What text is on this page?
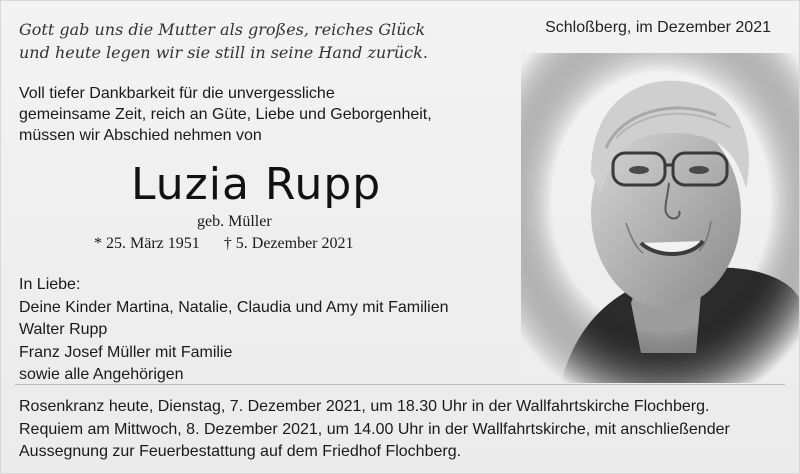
Gott gab uns die Mutter als großes, reiches Glück
und heute legen wir sie still in seine Hand zurück.
Schloßberg, im Dezember 2021
Voll tiefer Dankbarkeit für die unvergessliche
gemeinsame Zeit, reich an Güte, Liebe und Geborgenheit,
müssen wir Abschied nehmen von
Luzia Rupp
geb. Müller
* 25. März 1951 † 5. Dezember 2021
In Liebe:
Deine Kinder Martina, Natalie, Claudia und Amy mit Familien
Walter Rupp
Franz Josef Müller mit Familie
sowie alle Angehörigen
Rosenkranz heute, Dienstag, 7. Dezember 2021, um 18.30 Uhr in der Wallfahrtskirche Flochberg.
Requiem am Mittwoch, 8. Dezember 2021, um 14.00 Uhr in der Wallfahrtskirche, mit anschließender
Aussegnung zur Feuerbestattung auf dem Friedhof Flochberg.
